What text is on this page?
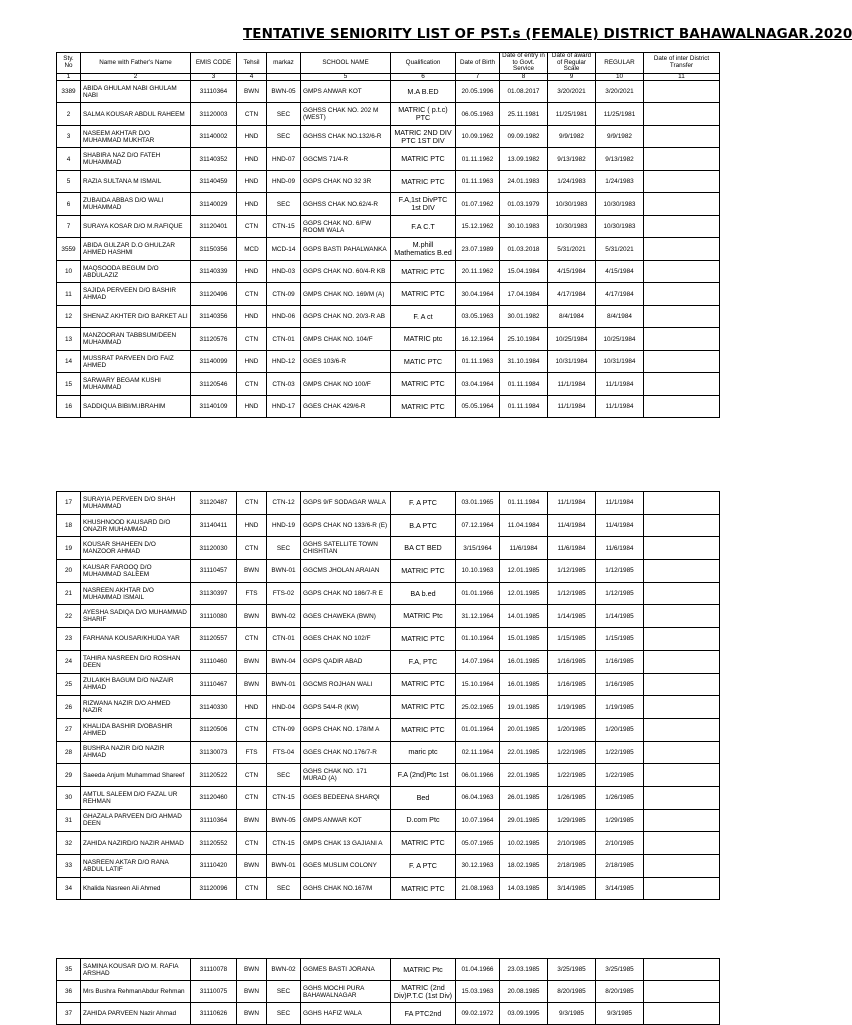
TENTATIVE SENIORITY LIST OF PST.s (FEMALE) DISTRICT BAHAWALNAGAR.2020
Sty. No	Name with Father's Name	EMIS CODE	Tehsil	markaz	SCHOOL NAME	Qualification	Date of Birth	Date of entry in to Govt. Service	Date of award of Regular Scale	REGULAR	Date of inter District Transfer
1	2	3	4		5	6	7	8	9	10	11
3389	ABIDA GHULAM NABI GHULAM NABI	31110364	BWN	BWN-05	GMPS ANWAR KOT	M.A B.ED	20.05.1996	01.08.2017	3/20/2021	3/20/2021	
2	SALMA KOUSAR ABDUL RAHEEM	31120003	CTN	SEC	GGHSS CHAK NO. 202 M (WEST)	MATRIC ( p.t.c) PTC	06.05.1963	25.11.1981	11/25/1981	11/25/1981	
3	NASEEM AKHTAR D/O MUHAMMAD MUKHTAR	31140002	HND	SEC	GGHSS CHAK NO.132/6-R	MATRIC 2ND DIV PTC 1ST DIV	10.09.1962	09.09.1982	9/9/1982	9/9/1982	
4	SHABIRA NAZ D/O FATEH MUHAMMAD	31140352	HND	HND-07	GGCMS 71/4-R	MATRIC PTC	01.11.1962	13.09.1982	9/13/1982	9/13/1982	
5	RAZIA SULTANA M ISMAIL	31140459	HND	HND-09	GGPS CHAK NO 32 3R	MATRIC PTC	01.11.1963	24.01.1983	1/24/1983	1/24/1983	
6	ZUBAIDA ABBAS D/O WALI MUHAMMAD	31140029	HND	SEC	GGHSS CHAK NO.62/4-R	F.A,1st DivPTC 1st DIV	01.07.1962	01.03.1979	10/30/1983	10/30/1983	
7	SURAYA KOSAR D/O M.RAFIQUE	31120401	CTN	CTN-15	GGPS CHAK NO. 6/FW ROOMI WALA	F.A C.T	15.12.1962	30.10.1983	10/30/1983	10/30/1983	
3559	ABIDA GULZAR D.O GHULZAR AHMED HASHMI	31150356	MCD	MCD-14	GGPS BASTI PAHALWANKA	M.phill Mathematics B.ed	23.07.1989	01.03.2018	5/31/2021	5/31/2021	
10	MAQSOODA BEGUM D/O ABDULAZIZ	31140339	HND	HND-03	GGPS CHAK NO. 60/4-R KB	MATRIC PTC	20.11.1962	15.04.1984	4/15/1984	4/15/1984	
11	SAJIDA PERVEEN D/O BASHIR AHMAD	31120496	CTN	CTN-09	GMPS CHAK NO. 169/M (A)	MATRIC PTC	30.04.1964	17.04.1984	4/17/1984	4/17/1984	
12	SHENAZ AKHTER D/O BARKET ALI	31140356	HND	HND-06	GGPS CHAK NO. 20/3-R AB	F. A ct	03.05.1963	30.01.1982	8/4/1984	8/4/1984	
13	MANZOORAN TABBSUM/DEEN MUHAMMAD	31120576	CTN	CTN-01	GMPS CHAK NO. 104/F	MATRIC ptc	16.12.1964	25.10.1984	10/25/1984	10/25/1984	
14	MUSSRAT PARVEEN D/O FAIZ AHMED	31140099	HND	HND-12	GGES 103/6-R	MATIC PTC	01.11.1963	31.10.1984	10/31/1984	10/31/1984	
15	SARWARY BEGAM KUSHI MUHAMMAD	31120546	CTN	CTN-03	GMPS CHAK NO 100/F	MATRIC PTC	03.04.1964	01.11.1984	11/1/1984	11/1/1984	
16	SADDIQUA BIBI/M.IBRAHIM	31140109	HND	HND-17	GGES CHAK 429/6-R	MATRIC PTC	05.05.1964	01.11.1984	11/1/1984	11/1/1984	
17	SURAYIA PERVEEN D/O SHAH MUHAMMAD	31120487	CTN	CTN-12	GGPS 9/F SODAGAR WALA	F. A PTC	03.01.1965	01.11.1984	11/1/1984	11/1/1984	
18	KHUSHNOOD KAUSARD D/O ONAZIR MUHAMMAD	31140411	HND	HND-19	GGPS CHAK NO 133/6-R (E)	B.A PTC	07.12.1964	11.04.1984	11/4/1984	11/4/1984	
19	KOUSAR SHAHEEN D/O MANZOOR AHMAD	31120030	CTN	SEC	GGHS SATELLITE TOWN CHISHTIAN	BA CT BED	3/15/1964	11/6/1984	11/6/1984	11/6/1984	
20	KAUSAR FAROOQ D/O MUHAMMAD SALEEM	31110457	BWN	BWN-01	GGCMS JHOLAN ARAIAN	MATRIC PTC	10.10.1963	12.01.1985	1/12/1985	1/12/1985	
21	NASREEN AKHTAR D/O MUHAMMAD ISMAIL	31130397	FTS	FTS-02	GGPS CHAK NO 186/7-R E	BA b.ed	01.01.1966	12.01.1985	1/12/1985	1/12/1985	
22	AYESHA SADIQA D/O MUHAMMAD SHARIF	31110080	BWN	BWN-02	GGES CHAWEKA (BWN)	MATRIC Ptc	31.12.1964	14.01.1985	1/14/1985	1/14/1985	
23	FARHANA KOUSAR/KHUDA YAR	31120557	CTN	CTN-01	GGES CHAK NO 102/F	MATRIC PTC	01.10.1964	15.01.1985	1/15/1985	1/15/1985	
24	TAHIRA NASREEN D/O ROSHAN DEEN	31110460	BWN	BWN-04	GGPS QADIR ABAD	F.A, PTC	14.07.1964	16.01.1985	1/16/1985	1/16/1985	
25	ZULAIKH BAGUM D/O NAZAIR AHMAD	31110467	BWN	BWN-01	GGCMS ROJHAN WALI	MATRIC PTC	15.10.1964	16.01.1985	1/16/1985	1/16/1985	
26	RIZWANA NAZIR D/O AHMED NAZIR	31140330	HND	HND-04	GGPS 54/4-R (KW)	MATRIC PTC	25.02.1965	19.01.1985	1/19/1985	1/19/1985	
27	KHALIDA BASHIR D/OBASHIR AHMED	31120506	CTN	CTN-09	GGPS CHAK NO. 178/M A	MATRIC PTC	01.01.1964	20.01.1985	1/20/1985	1/20/1985	
28	BUSHRA NAZIR D/O NAZIR AHMAD	31130073	FTS	FTS-04	GGES CHAK NO.176/7-R	maric ptc	02.11.1964	22.01.1985	1/22/1985	1/22/1985	
29	Saeeda Anjum Muhammad Shareef	31120522	CTN	SEC	GGHS CHAK NO. 171 MURAD (A)	F.A (2nd)Ptc 1st	06.01.1966	22.01.1985	1/22/1985	1/22/1985	
30	AMTUL SALEEM D/O FAZAL UR REHMAN	31120460	CTN	CTN-15	GGES BEDEENA SHARQI	Bed	06.04.1963	26.01.1985	1/26/1985	1/26/1985	
31	GHAZALA PARVEEN D/O AHMAD DEEN	31110364	BWN	BWN-05	GMPS ANWAR KOT	D.com Ptc	10.07.1964	29.01.1985	1/29/1985	1/29/1985	
32	ZAHIDA NAZIRD/O NAZIR AHMAD	31120552	CTN	CTN-15	GMPS CHAK 13 GAJIANI A	MATRIC PTC	05.07.1965	10.02.1985	2/10/1985	2/10/1985	
33	NASREEN AKTAR D/O RANA ABDUL LATIF	31110420	BWN	BWN-01	GGES MUSLIM COLONY	F. A PTC	30.12.1963	18.02.1985	2/18/1985	2/18/1985	
34	Khalida Nasreen Ali Ahmed	31120096	CTN	SEC	GGHS CHAK NO.167/M	MATRIC PTC	21.08.1963	14.03.1985	3/14/1985	3/14/1985	
35	SAMINA KOUSAR D/O M. RAFIA ARSHAD	31110078	BWN	BWN-02	GGMES BASTI JORANA	MATRIC Ptc	01.04.1966	23.03.1985	3/25/1985	3/25/1985	
36	Mrs Bushra RehmanAbdur Rehman	31110075	BWN	SEC	GGHS MOCHI PURA BAHAWALNAGAR	MATRIC (2nd Div)P.T.C (1st Div)	15.03.1963	20.08.1985	8/20/1985	8/20/1985	
37	ZAHIDA PARVEEN Nazir Ahmad	31110626	BWN	SEC	GGHS HAFIZ WALA	FA PTC2nd	09.02.1972	03.09.1995	9/3/1985	9/3/1985	
